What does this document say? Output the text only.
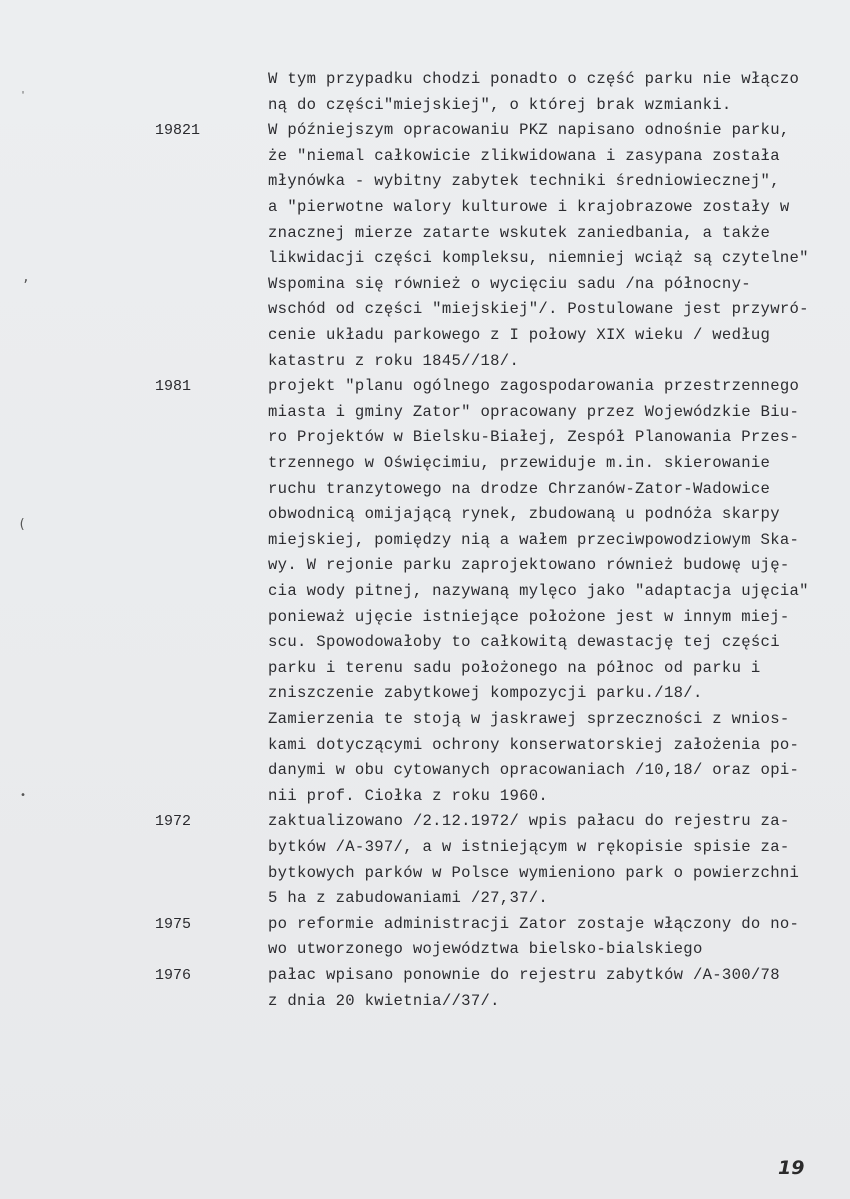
W tym przypadku chodzi ponadto o część parku nie włączo
ną do części"miejskiej", o której brak wzmianki.
W późniejszym opracowaniu PKZ napisano odnośnie parku,
że "niemal całkowicie zlikwidowana i zasypana została
młynówka - wybitny zabytek techniki średniowiecznej",
a "pierwotne walory kulturowe i krajobrazowe zostały w
znacznej mierze zatarte wskutek zaniedbania, a także
likwidacji części kompleksu, niemniej wciąż są czytelne"
Wspomina się również o wycięciu sadu /na północny-
wschód od części "miejskiej"/. Postulowane jest przywró-
cenie układu parkowego z I połowy XIX wieku / według
katastru z roku 1845//18/.
projekt "planu ogólnego zagospodarowania przestrzennego
miasta i gminy Zator" opracowany przez Wojewódzkie Biu-
ro Projektów w Bielsku-Białej, Zespół Planowania Przes-
trzennego w Oświęcimiu, przewiduje m.in. skierowanie
ruchu tranzytowego na drodze Chrzanów-Zator-Wadowice
obwodnicą omijającą rynek, zbudowaną u podnóża skarpy
miejskiej, pomiędzy nią a wałem przeciwpowodziowym Ska-
wy. W rejonie parku zaprojektowano również budowę uję-
cia wody pitnej, nazywaną mylęco jako "adaptacja ujęcia"
ponieważ ujęcie istniejące położone jest w innym miej-
scu. Spowodowałoby to całkowitą dewastację tej części
parku i terenu sadu położonego na północ od parku i
zniszczenie zabytkowej kompozycji parku./18/.
Zamierzenia te stoją w jaskrawej sprzeczności z wnios-
kami dotyczącymi ochrony konserwatorskiej założenia po-
danymi w obu cytowanych opracowaniach /10,18/ oraz opi-
nii prof. Ciołka z roku 1960.
zaktualizowano /2.12.1972/ wpis pałacu do rejestru za-
bytków /A-397/, a w istniejącym w rękopisie spisie za-
bytkowych parków w Polsce wymieniono park o powierzchni
5 ha z zabudowaniami /27,37/.
po reformie administracji Zator zostaje włączony do no-
wo utworzonego województwa bielsko-bialskiego
pałac wpisano ponownie do rejestru zabytków /A-300/78
z dnia 20 kwietnia//37/.
19821
1981
1972
1975
1976
'
,
(
•
19
